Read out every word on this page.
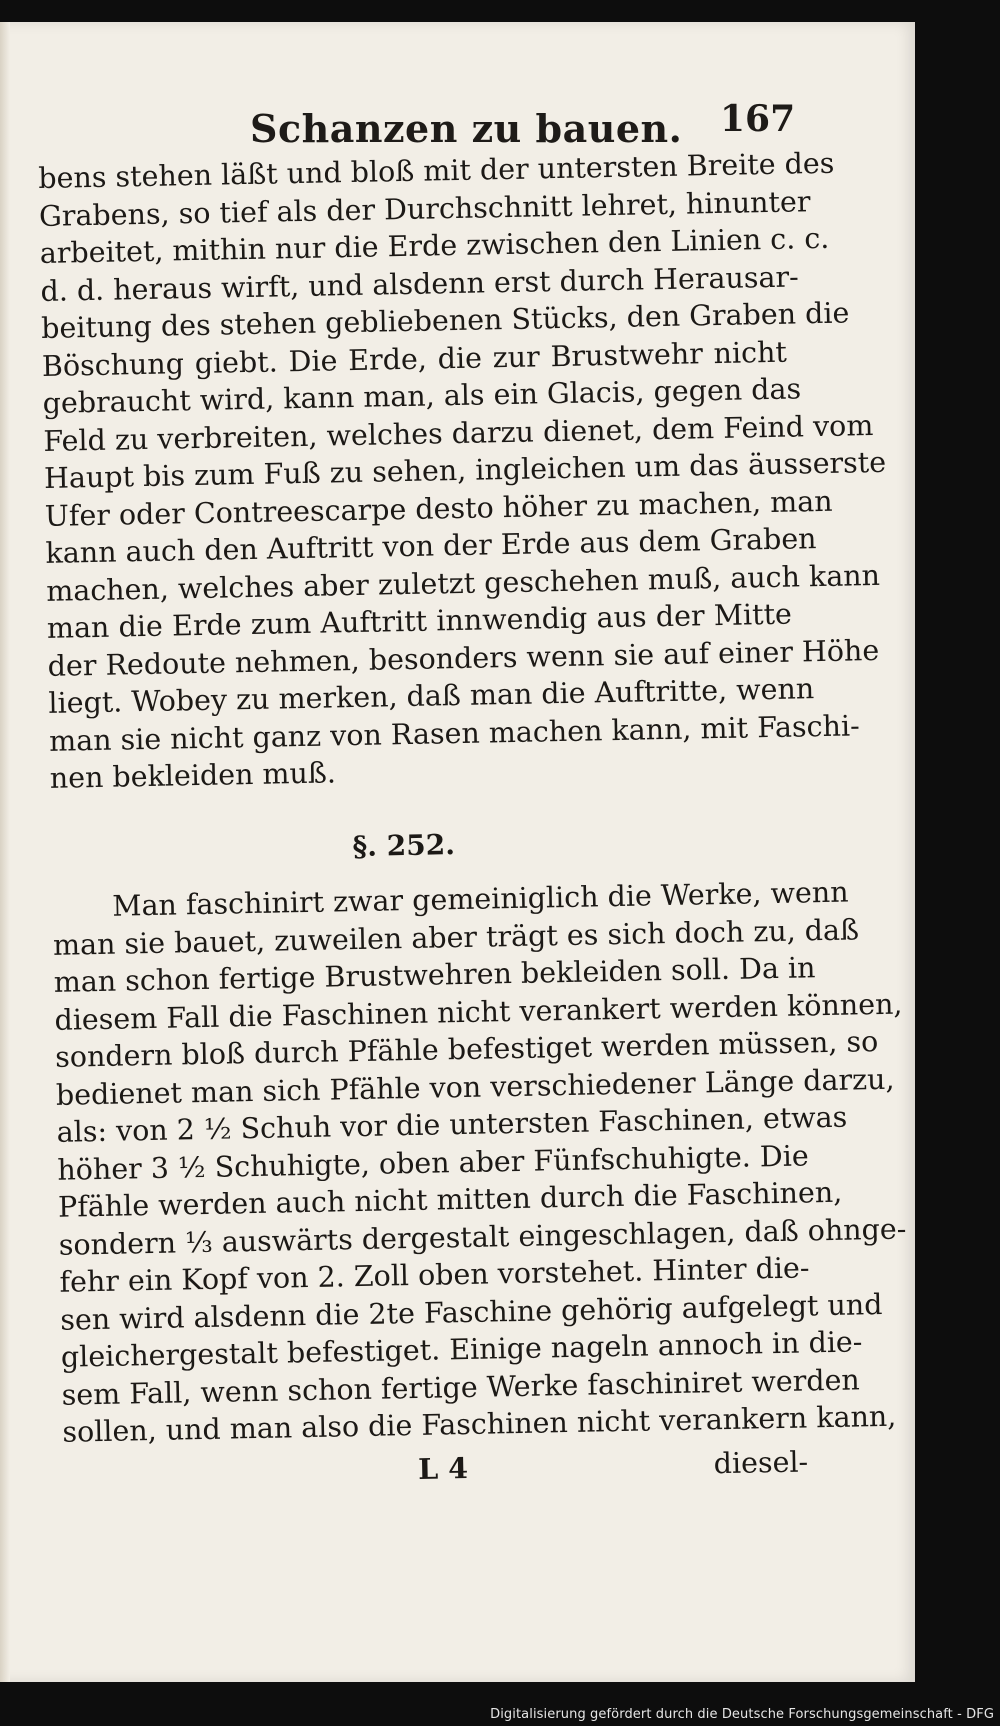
Schanzen zu bauen. 167
bens stehen läßt und bloß mit der untersten Breite des
Grabens, so tief als der Durchschnitt lehret, hinunter
arbeitet, mithin nur die Erde zwischen den Linien c. c.
d. d. heraus wirft, und alsdenn erst durch Herausar-
beitung des stehen gebliebenen Stücks, den Graben die
Böschung giebt. Die Erde, die zur Brustwehr nicht
gebraucht wird, kann man, als ein Glacis, gegen das
Feld zu verbreiten, welches darzu dienet, dem Feind vom
Haupt bis zum Fuß zu sehen, ingleichen um das äusserste
Ufer oder Contreescarpe desto höher zu machen, man
kann auch den Auftritt von der Erde aus dem Graben
machen, welches aber zuletzt geschehen muß, auch kann
man die Erde zum Auftritt innwendig aus der Mitte
der Redoute nehmen, besonders wenn sie auf einer Höhe
liegt. Wobey zu merken, daß man die Auftritte, wenn
man sie nicht ganz von Rasen machen kann, mit Faschi-
nen bekleiden muß.
§. 252.
Man faschinirt zwar gemeiniglich die Werke, wenn
man sie bauet, zuweilen aber trägt es sich doch zu, daß
man schon fertige Brustwehren bekleiden soll. Da in
diesem Fall die Faschinen nicht verankert werden können,
sondern bloß durch Pfähle befestiget werden müssen, so
bedienet man sich Pfähle von verschiedener Länge darzu,
als: von 2 ½ Schuh vor die untersten Faschinen, etwas
höher 3 ½ Schuhigte, oben aber Fünfschuhigte. Die
Pfähle werden auch nicht mitten durch die Faschinen,
sondern ⅓ auswärts dergestalt eingeschlagen, daß ohnge-
fehr ein Kopf von 2. Zoll oben vorstehet. Hinter die-
sen wird alsdenn die 2te Faschine gehörig aufgelegt und
gleichergestalt befestiget. Einige nageln annoch in die-
sem Fall, wenn schon fertige Werke faschiniret werden
sollen, und man also die Faschinen nicht verankern kann,
L 4	diesel-
Digitalisierung gefördert durch die Deutsche Forschungsgemeinschaft - DFG
